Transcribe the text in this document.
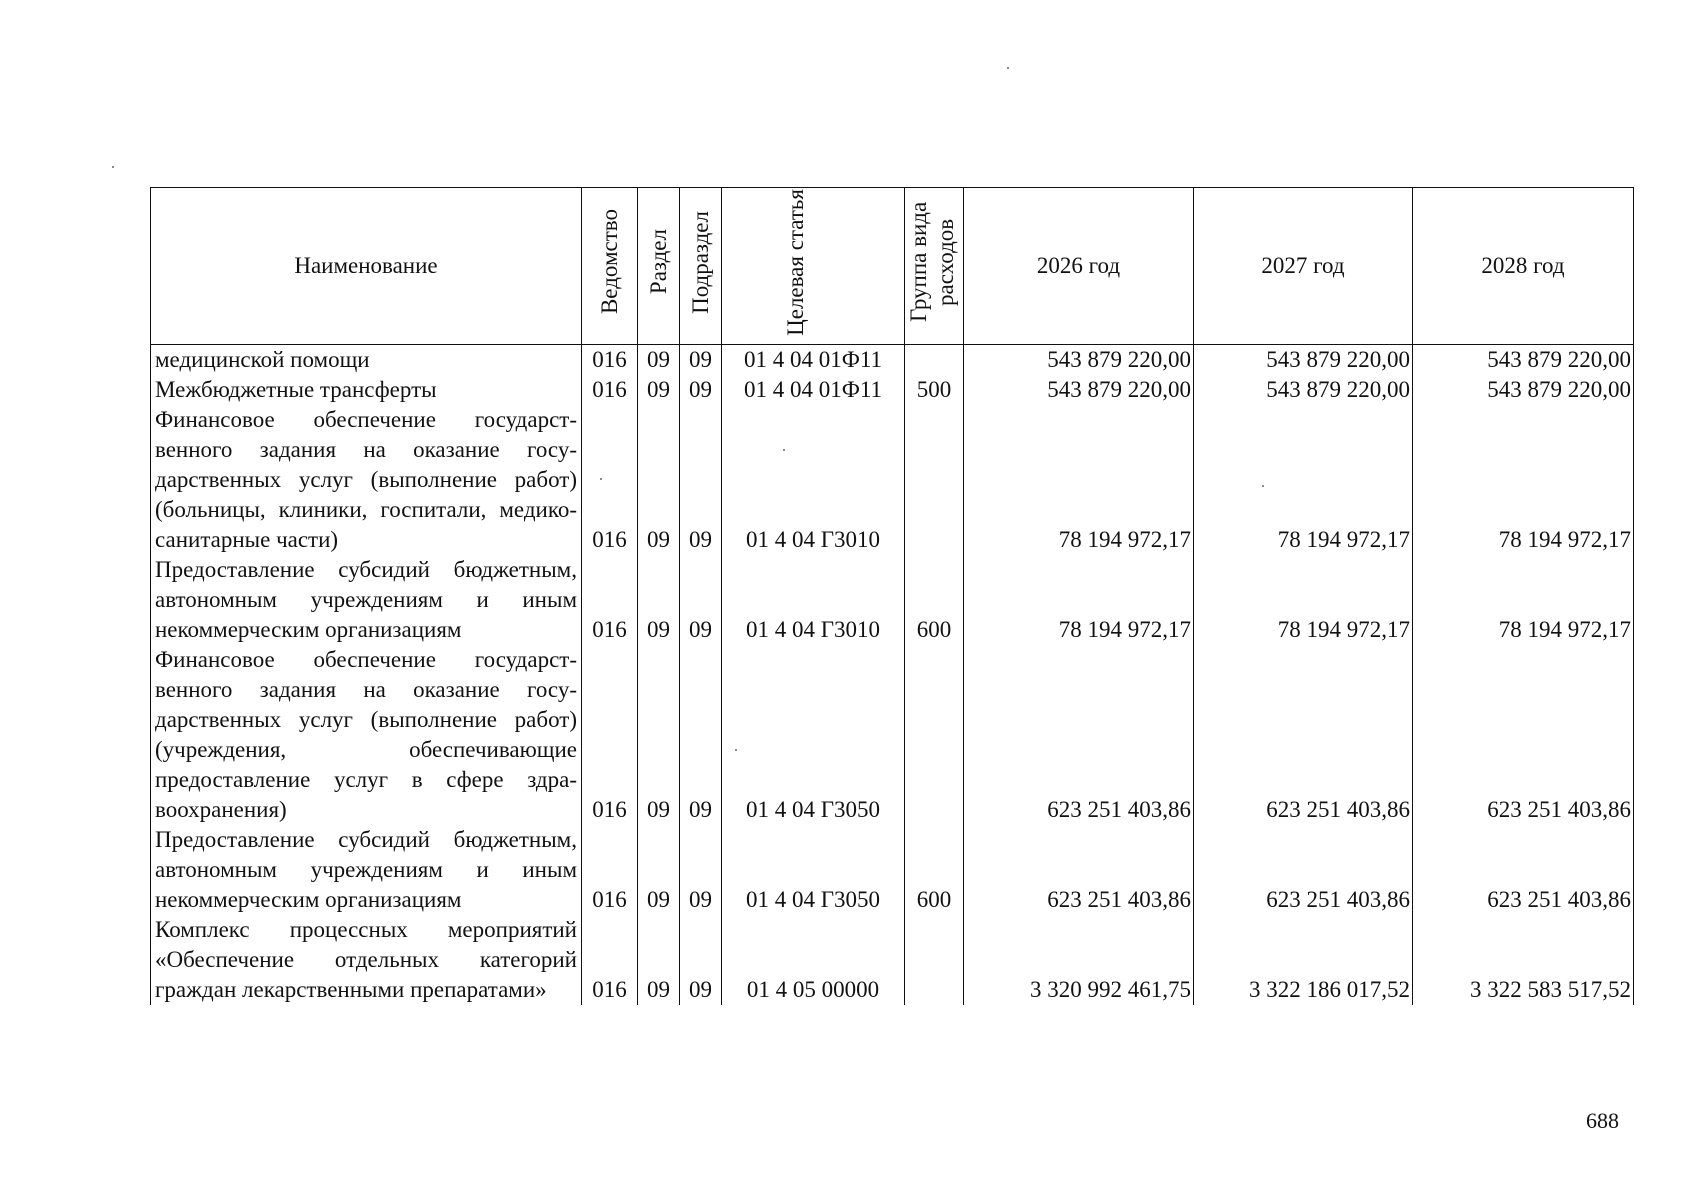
Наименование	Ведомство	Раздел	Подраздел	Целевая статья	Группа вида расходов	2026 год	2027 год	2028 год
медицинской помощи	016	09	09	01 4 04 01Ф11		543 879 220,00	543 879 220,00	543 879 220,00
Межбюджетные трансферты	016	09	09	01 4 04 01Ф11	500	543 879 220,00	543 879 220,00	543 879 220,00
Финансовое обеспечение государственного задания на оказание государственных услуг (выполнение работ) (больницы, клиники, госпитали, медико-санитарные части)	016	09	09	01 4 04 Г3010		78 194 972,17	78 194 972,17	78 194 972,17
Предоставление субсидий бюджетным, автономным учреждениям и иным некоммерческим организациям	016	09	09	01 4 04 Г3010	600	78 194 972,17	78 194 972,17	78 194 972,17
Финансовое обеспечение государственного задания на оказание государственных услуг (выполнение работ) (учреждения, обеспечивающие предоставление услуг в сфере здравоохранения)	016	09	09	01 4 04 Г3050		623 251 403,86	623 251 403,86	623 251 403,86
Предоставление субсидий бюджетным, автономным учреждениям и иным некоммерческим организациям	016	09	09	01 4 04 Г3050	600	623 251 403,86	623 251 403,86	623 251 403,86
Комплекс процессных мероприятий «Обеспечение отдельных категорий граждан лекарственными препаратами»	016	09	09	01 4 05 00000		3 320 992 461,75	3 322 186 017,52	3 322 583 517,52
688
